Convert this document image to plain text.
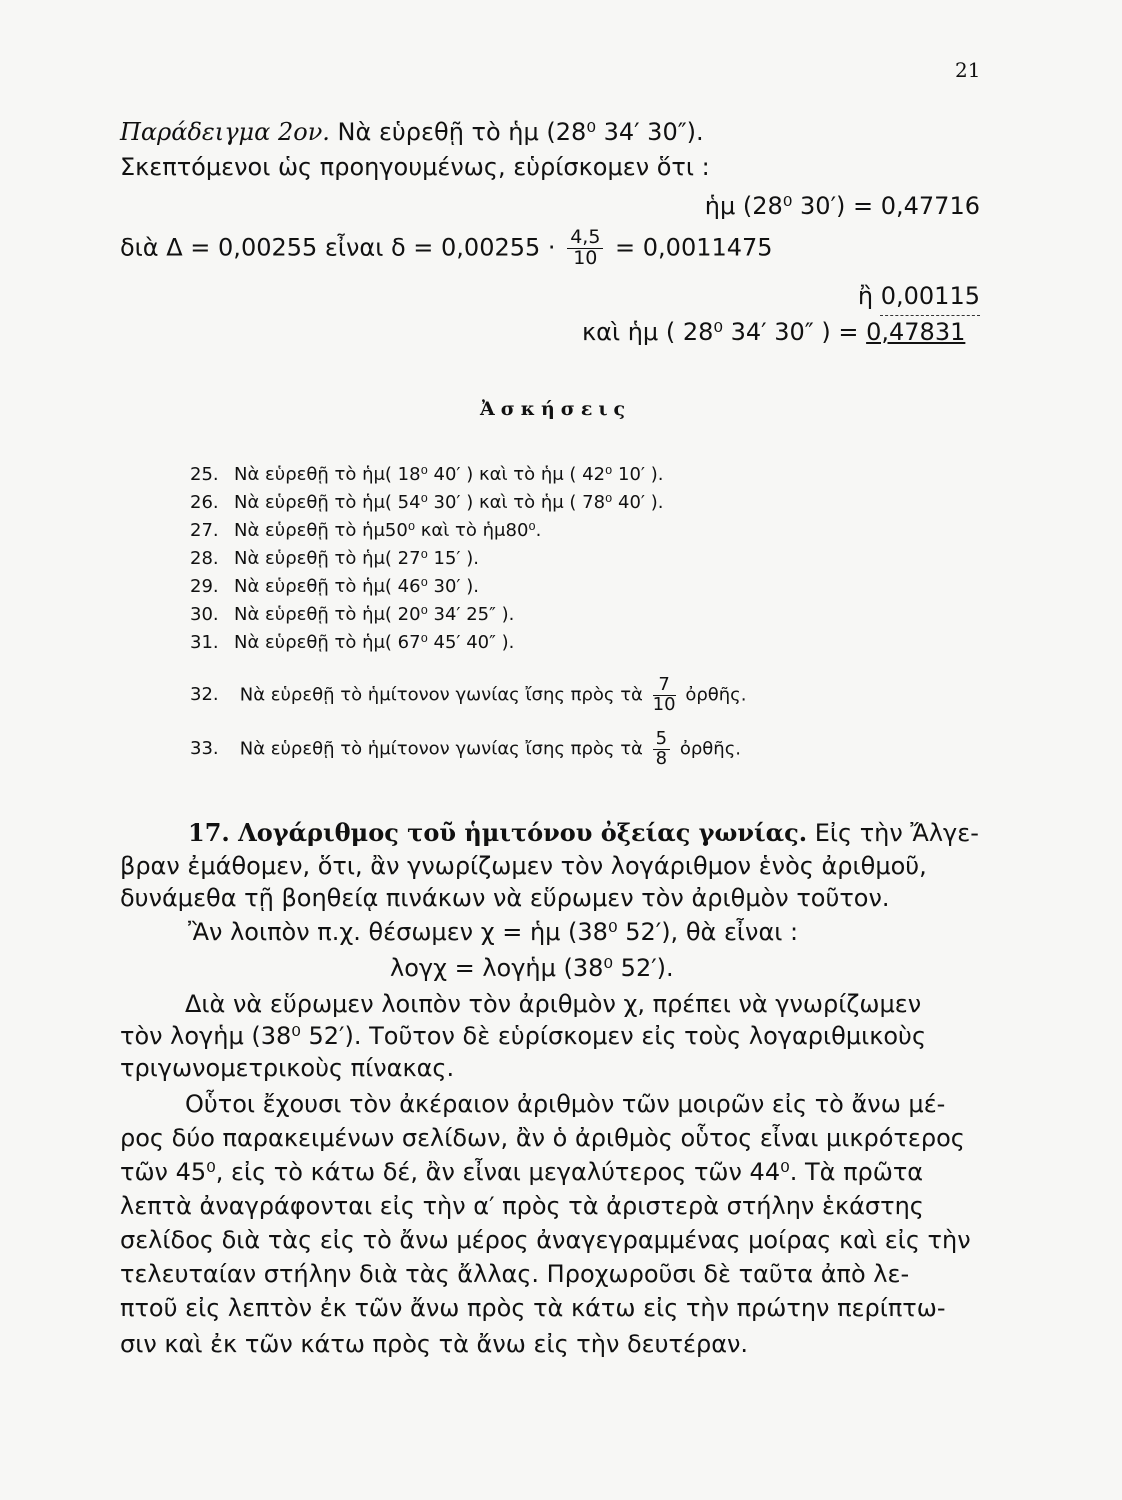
21
Παράδειγμα 2ον. Νὰ εὑρεθῇ τὸ ἡμ (28⁰ 34′ 30″).
Σκεπτόμενοι ὡς προηγουμένως, εὑρίσκομεν ὅτι :
ἡμ (28⁰ 30′) = 0,47716
διὰ Δ = 0,00255 εἶναι $\delta = 0,00255 \cdot \frac{4,5}{10} = 0,0011475$
ἢ 0,00115
καὶ ἡμ ( 28⁰ 34′ 30″ ) = 0,47831
Ἀσκήσεις
25. Νὰ εὑρεθῇ τὸ ἡμ( 18⁰ 40′ ) καὶ τὸ ἡμ ( 42⁰ 10′ ).
26. Νὰ εὑρεθῇ τὸ ἡμ( 54⁰ 30′ ) καὶ τὸ ἡμ ( 78⁰ 40′ ).
27. Νὰ εὑρεθῇ τὸ ἡμ50⁰ καὶ τὸ ἡμ80⁰.
28. Νὰ εὑρεθῇ τὸ ἡμ( 27⁰ 15′ ).
29. Νὰ εὑρεθῇ τὸ ἡμ( 46⁰ 30′ ).
30. Νὰ εὑρεθῇ τὸ ἡμ( 20⁰ 34′ 25″ ).
31. Νὰ εὑρεθῇ τὸ ἡμ( 67⁰ 45′ 40″ ).
32. Νὰ εὑρεθῇ τὸ ἡμίτονον γωνίας ἴσης πρὸς τὰ $\frac{7}{10}$ ὀρθῆς.
33. Νὰ εὑρεθῇ τὸ ἡμίτονον γωνίας ἴσης πρὸς τὰ $\frac{5}{8}$ ὀρθῆς.
17. Λογάριθμος τοῦ ἡμιτόνου ὀξείας γωνίας. Εἰς τὴν Ἄλγε-
βραν ἐμάθομεν, ὅτι, ἂν γνωρίζωμεν τὸν λογάριθμον ἑνὸς ἀριθμοῦ,
δυνάμεθα τῇ βοηθείᾳ πινάκων νὰ εὕρωμεν τὸν ἀριθμὸν τοῦτον.
Ἂν λοιπὸν π.χ. θέσωμεν χ = ἡμ (38⁰ 52′), θὰ εἶναι :
λογχ = λογἡμ (38⁰ 52′).
Διὰ νὰ εὕρωμεν λοιπὸν τὸν ἀριθμὸν χ, πρέπει νὰ γνωρίζωμεν
τὸν λογἡμ (38⁰ 52′). Τοῦτον δὲ εὑρίσκομεν εἰς τοὺς λογαριθμικοὺς
τριγωνομετρικοὺς πίνακας.
Οὗτοι ἔχουσι τὸν ἀκέραιον ἀριθμὸν τῶν μοιρῶν εἰς τὸ ἄνω μέ-
ρος δύο παρακειμένων σελίδων, ἂν ὁ ἀριθμὸς οὗτος εἶναι μικρότερος
τῶν 45⁰, εἰς τὸ κάτω δέ, ἂν εἶναι μεγαλύτερος τῶν 44⁰. Τὰ πρῶτα
λεπτὰ ἀναγράφονται εἰς τὴν α′ πρὸς τὰ ἀριστερὰ στήλην ἑκάστης
σελίδος διὰ τὰς εἰς τὸ ἄνω μέρος ἀναγεγραμμένας μοίρας καὶ εἰς τὴν
τελευταίαν στήλην διὰ τὰς ἄλλας. Προχωροῦσι δὲ ταῦτα ἀπὸ λε-
πτοῦ εἰς λεπτὸν ἐκ τῶν ἄνω πρὸς τὰ κάτω εἰς τὴν πρώτην περίπτω-
σιν καὶ ἐκ τῶν κάτω πρὸς τὰ ἄνω εἰς τὴν δευτέραν.
